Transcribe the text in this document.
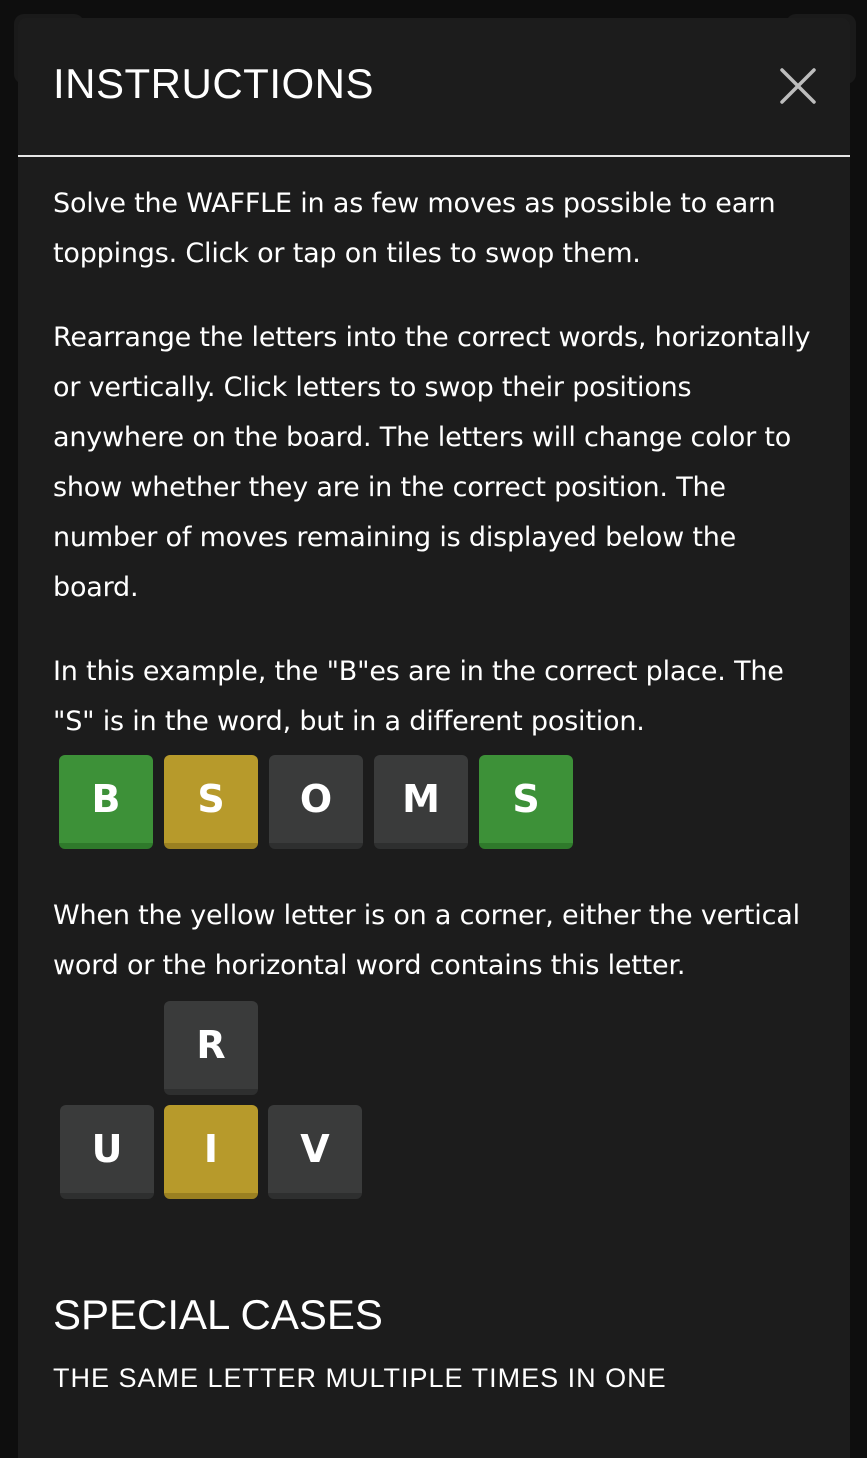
INSTRUCTIONS

Solve the WAFFLE in as few moves as possible to earn toppings. Click or tap on tiles to swop them.

Rearrange the letters into the correct words, horizontally or vertically. Click letters to swop their positions anywhere on the board. The letters will change color to show whether they are in the correct position. The number of moves remaining is displayed below the board.

In this example, the "B"es are in the correct place. The "S" is in the word, but in a different position.

B	S	O	M	S

When the yellow letter is on a corner, either the vertical word or the horizontal word contains this letter.

R
U	I	V
SPECIAL CASES
THE SAME LETTER MULTIPLE TIMES IN ONE
